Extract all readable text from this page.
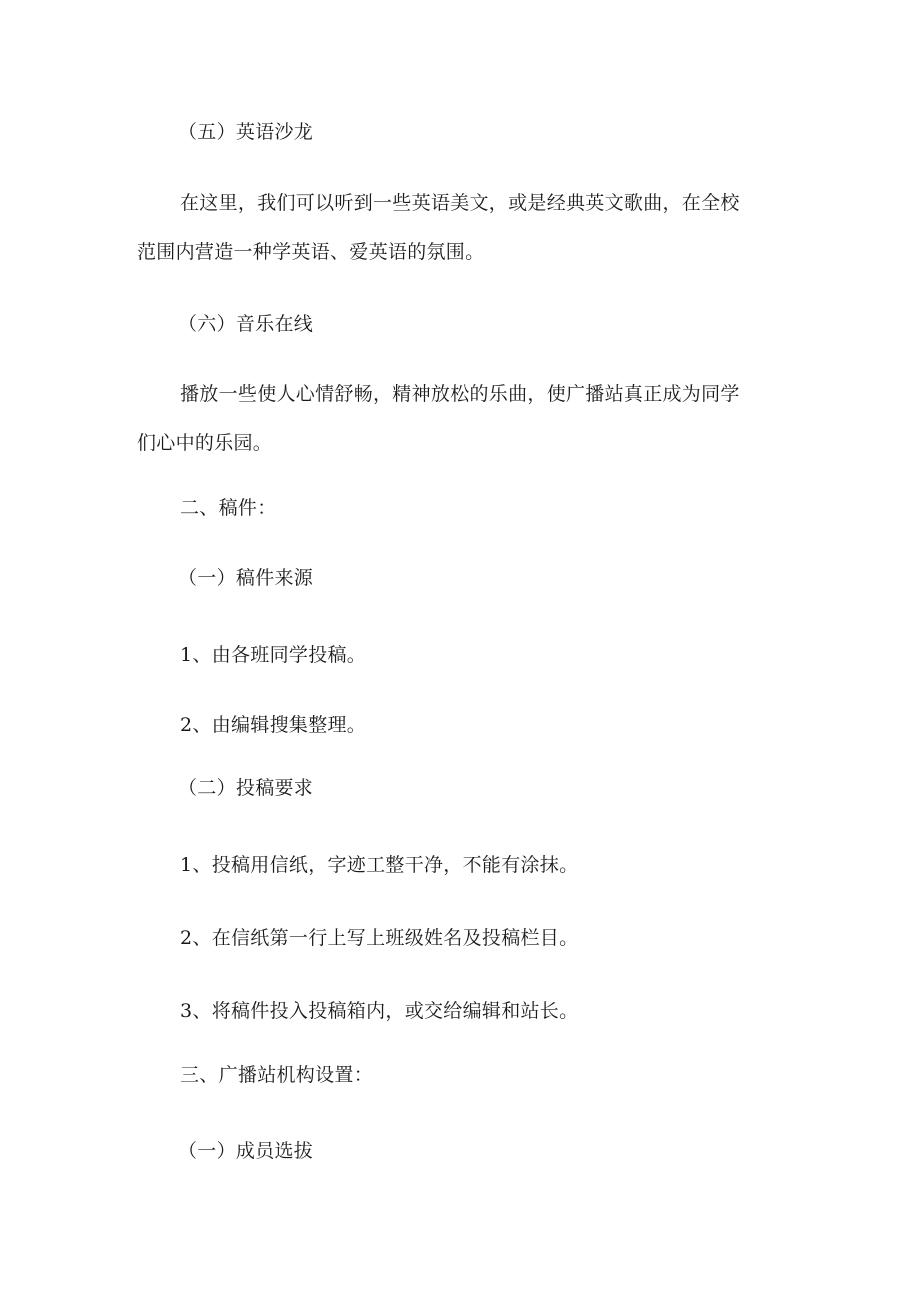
（五）英语沙龙

在这里，我们可以听到一些英语美文，或是经典英文歌曲，在全校

范围内营造一种学英语、爱英语的氛围。

（六）音乐在线

播放一些使人心情舒畅，精神放松的乐曲，使广播站真正成为同学

们心中的乐园。

二、稿件：

（一）稿件来源

1、由各班同学投稿。

2、由编辑搜集整理。

（二）投稿要求

1、投稿用信纸，字迹工整干净，不能有涂抹。

2、在信纸第一行上写上班级姓名及投稿栏目。

3、将稿件投入投稿箱内，或交给编辑和站长。

三、广播站机构设置：

（一）成员选拔
